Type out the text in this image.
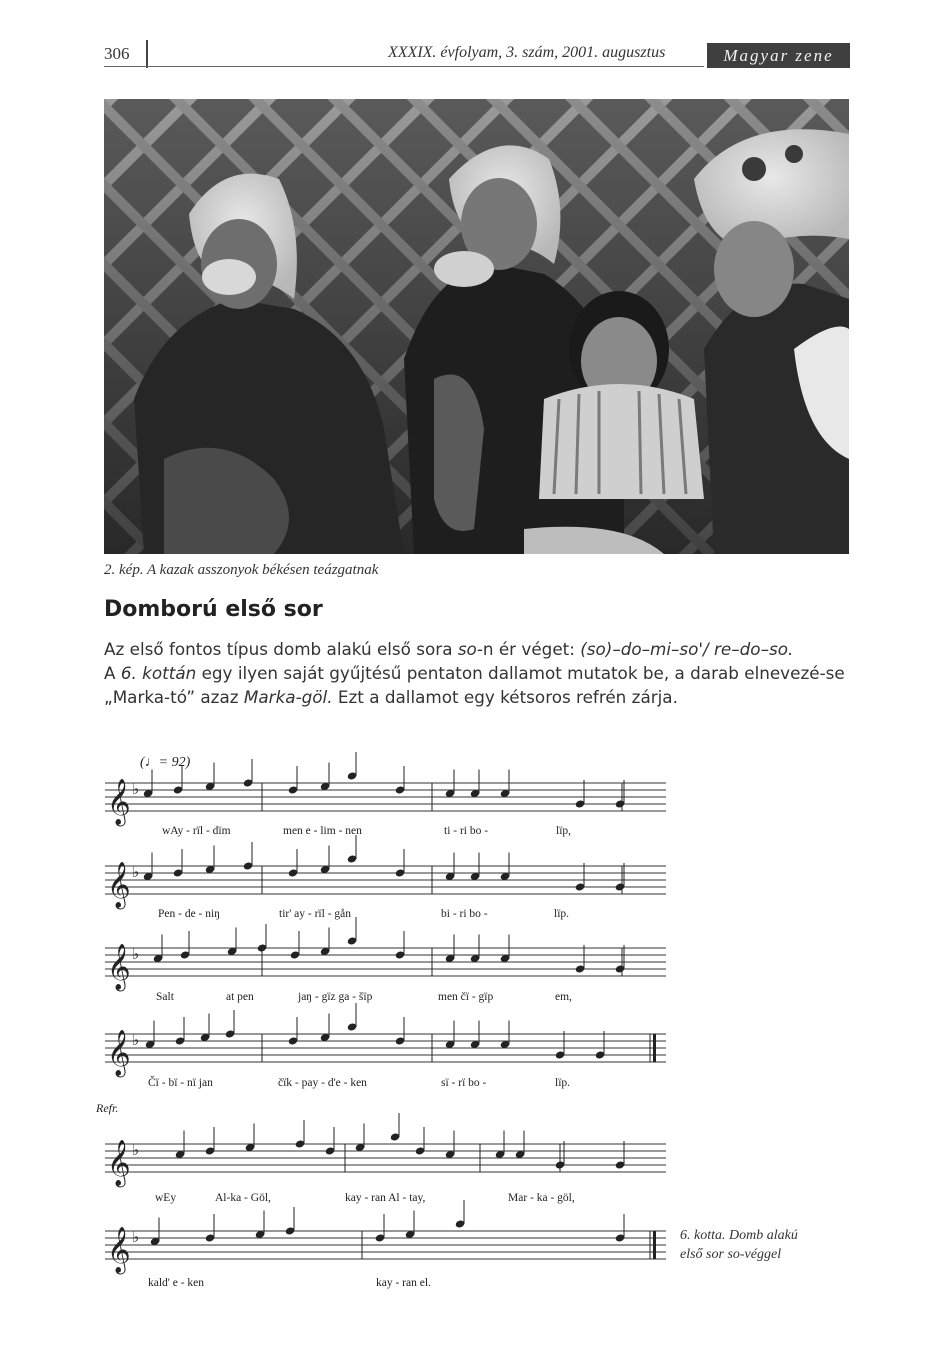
306	XXXIX. évfolyam, 3. szám, 2001. augusztus	Magyar zene
2. kép. A kazak asszonyok békésen teázgatnak
Domború első sor
Az első fontos típus domb alakú első sora so-n ér véget: (so)–do–mi–so'/ re–do–so.
A 6. kottán egy ilyen saját gyűjtésű pentaton dallamot mutatok be, a darab elnevezé-se „Marka-tó” azaz Marka-göl. Ezt a dallamot egy kétsoros refrén zárja.
(♩= 92)
Refr.
𝄞 ♭
𝄞 ♭
𝄞 ♭
𝄞 ♭
𝄞 ♭
𝄞 ♭
wAy - rïl - dïm	men e - lim - nen	ti - ri bo -	lïp,
Pen - de - niŋ	tir' ay - rïl - gån	bi - ri bo -	lïp.
Salt	at pen	jaŋ - gïz ga - šïp	men čï - gïp	em,
Čï - bï - nï jan	čïk - pay - d'e - ken	sï - rï bo -	lïp.
wEy	Al-ka - Göl,	kay - ran Al - tay,	Mar - ka - göl,
kald' e - ken	kay - ran el.
6. kotta. Domb alakú
első sor so-véggel
